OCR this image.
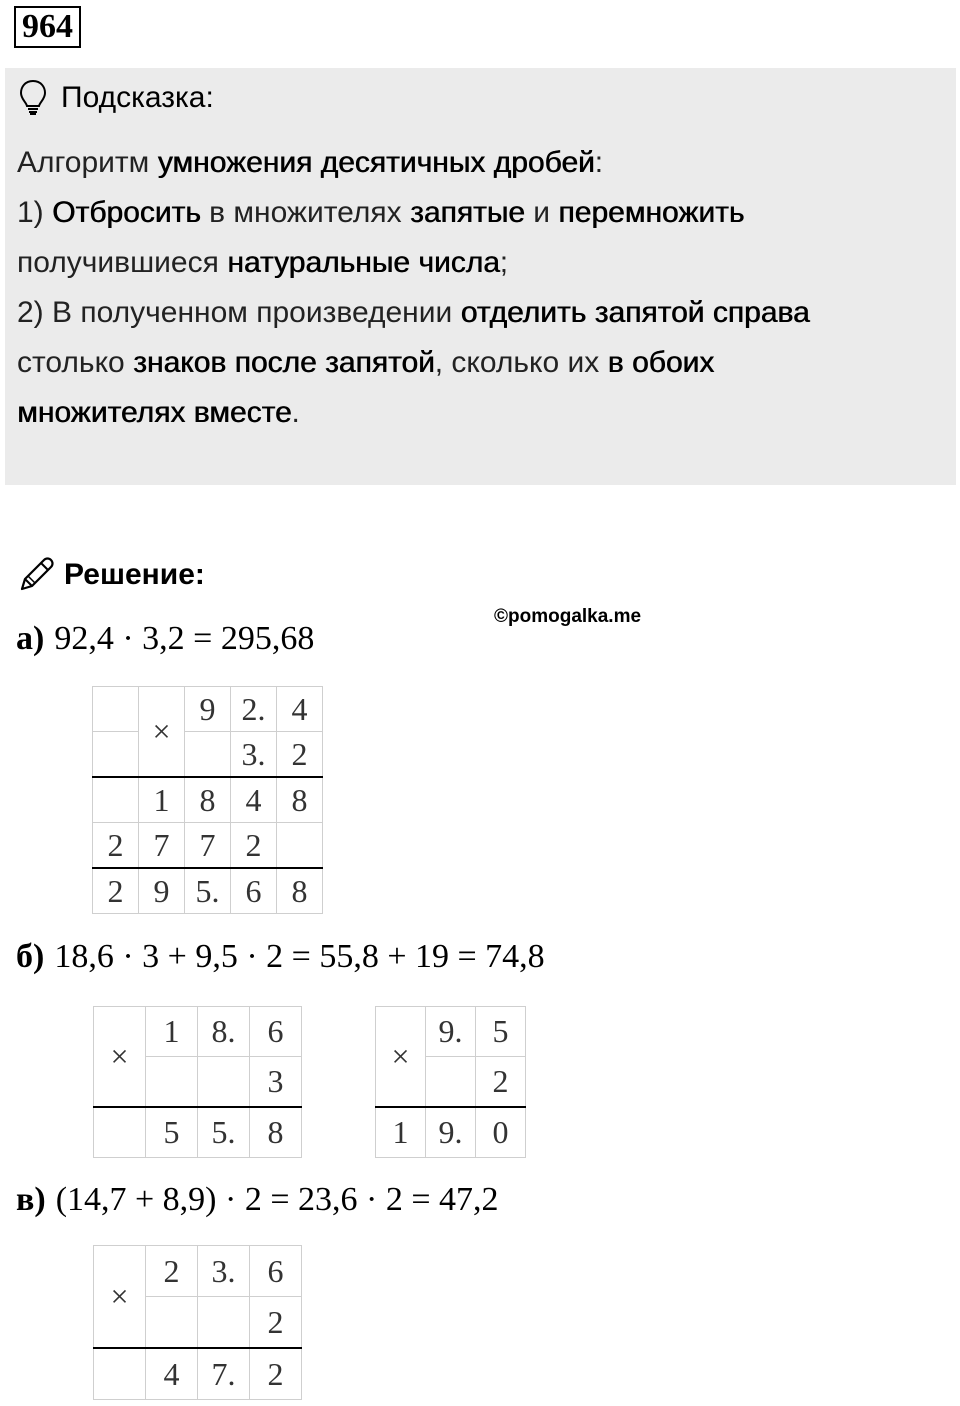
964
Подсказка:
Алгоритм умножения десятичных дробей:
1) Отбросить в множителях запятые и перемножить
получившиеся натуральные числа;
2) В полученном произведении отделить запятой справа
столько знаков после запятой, сколько их в обоих
множителях вместе.
Решение:
©pomogalka.me
а) 92,4 · 3,2 = 295,68
	×	9	2.	4
			3.	2
	1	8	4	8
2	7	7	2	
2	9	5.	6	8
б) 18,6 · 3 + 9,5 · 2 = 55,8 + 19 = 74,8
×	1	8.	6
			3
	5	5.	8
×	9.	5
		2
1	9.	0
в) (14,7 + 8,9) · 2 = 23,6 · 2 = 47,2
×	2	3.	6
			2
	4	7.	2
